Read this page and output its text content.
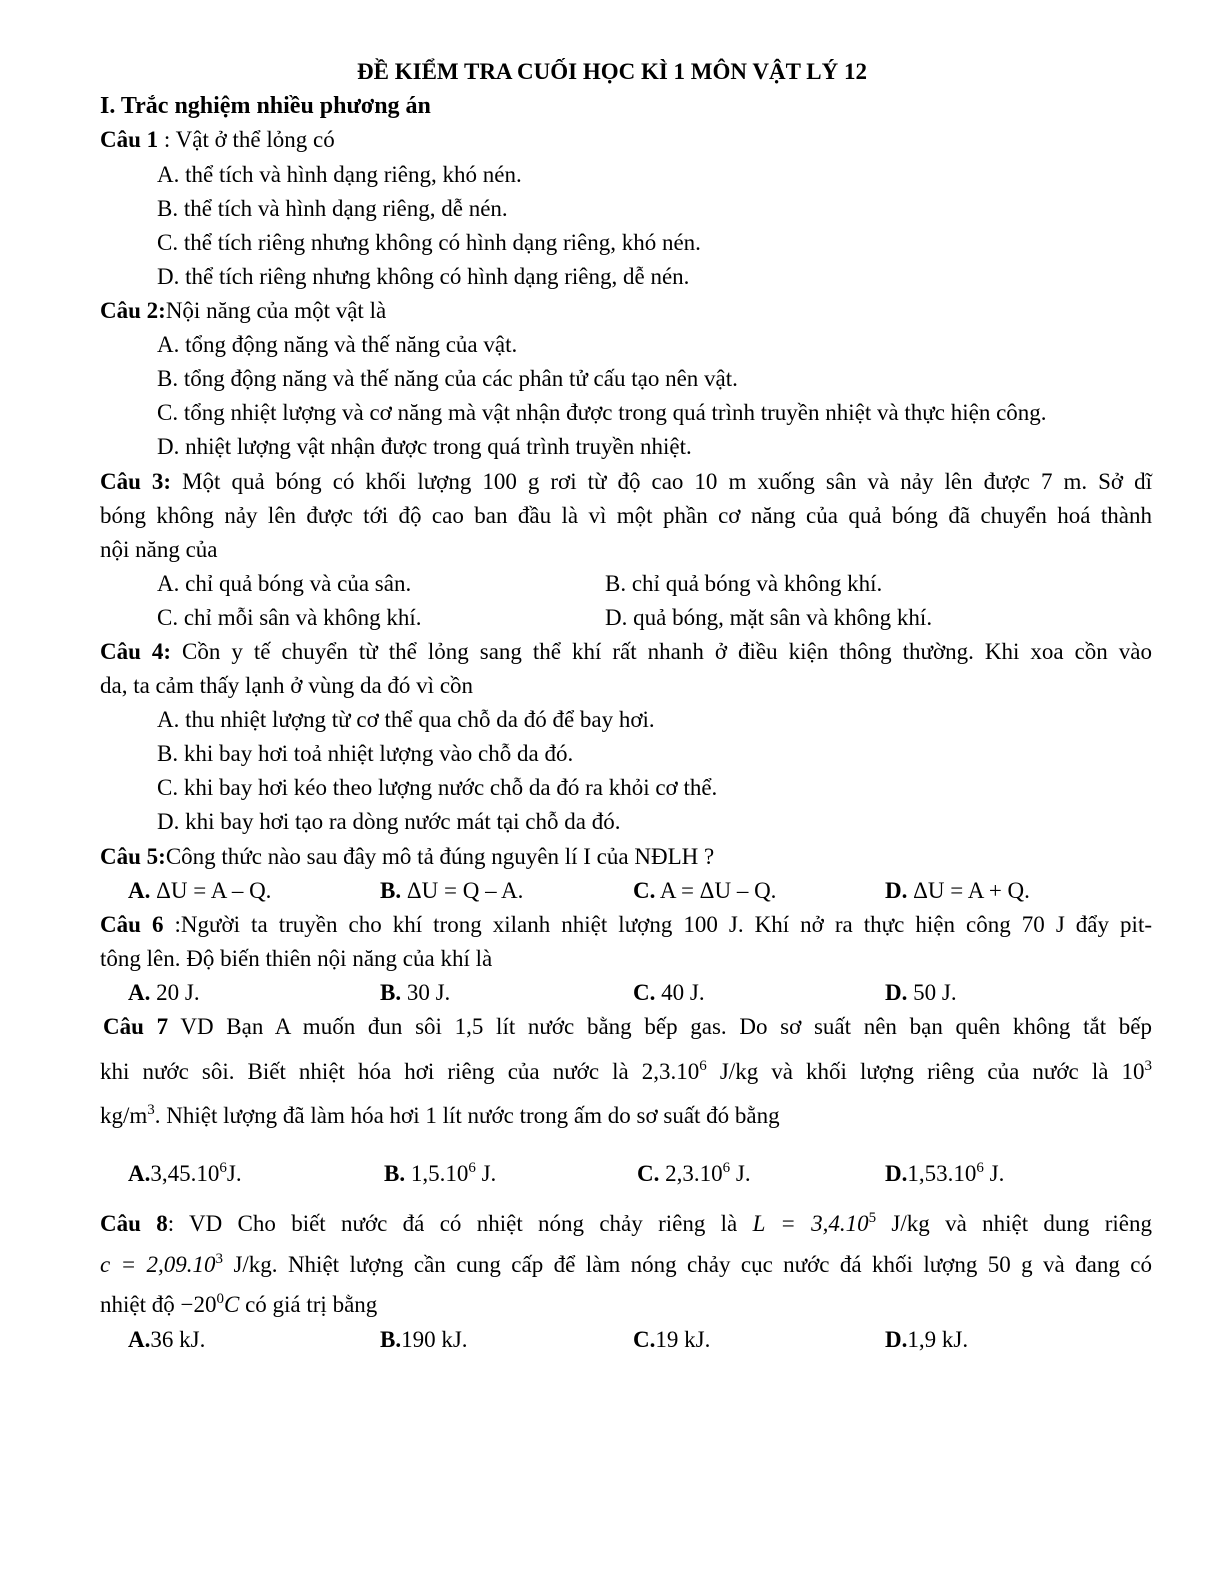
ĐỀ KIỂM TRA CUỐI HỌC KÌ 1 MÔN VẬT LÝ 12
I. Trắc nghiệm nhiều phương án
Câu 1 : Vật ở thể lỏng có
A. thể tích và hình dạng riêng, khó nén.
B. thể tích và hình dạng riêng, dễ nén.
C. thể tích riêng nhưng không có hình dạng riêng, khó nén.
D. thể tích riêng nhưng không có hình dạng riêng, dễ nén.
Câu 2:Nội năng của một vật là
A. tổng động năng và thế năng của vật.
B. tổng động năng và thế năng của các phân tử cấu tạo nên vật.
C. tổng nhiệt lượng và cơ năng mà vật nhận được trong quá trình truyền nhiệt và thực hiện công.
D. nhiệt lượng vật nhận được trong quá trình truyền nhiệt.
Câu 3: Một quả bóng có khối lượng 100 g rơi từ độ cao 10 m xuống sân và nảy lên được 7 m. Sở dĩ
bóng không nảy lên được tới độ cao ban đầu là vì một phần cơ năng của quả bóng đã chuyển hoá thành
nội năng của
A. chỉ quả bóng và của sân.	B. chỉ quả bóng và không khí.
C. chỉ mỗi sân và không khí.	D. quả bóng, mặt sân và không khí.
Câu 4: Cồn y tế chuyển từ thể lỏng sang thể khí rất nhanh ở điều kiện thông thường. Khi xoa cồn vào
da, ta cảm thấy lạnh ở vùng da đó vì cồn
A. thu nhiệt lượng từ cơ thể qua chỗ da đó để bay hơi.
B. khi bay hơi toả nhiệt lượng vào chỗ da đó.
C. khi bay hơi kéo theo lượng nước chỗ da đó ra khỏi cơ thể.
D. khi bay hơi tạo ra dòng nước mát tại chỗ da đó.
Câu 5:Công thức nào sau đây mô tả đúng nguyên lí I của NĐLH ?
A. ΔU = A – Q.	B. ΔU = Q – A.	C. A = ΔU – Q.	D. ΔU = A + Q.
Câu 6 :Người ta truyền cho khí trong xilanh nhiệt lượng 100 J. Khí nở ra thực hiện công 70 J đẩy pit-
tông lên. Độ biến thiên nội năng của khí là
A. 20 J.	B. 30 J.	C. 40 J.	D. 50 J.
Câu 7 VD Bạn A muốn đun sôi 1,5 lít nước bằng bếp gas. Do sơ suất nên bạn quên không tắt bếp
khi nước sôi. Biết nhiệt hóa hơi riêng của nước là 2,3.10$^6$ J/kg và khối lượng riêng của nước là $10^3$
$kg/m^3$. Nhiệt lượng đã làm hóa hơi 1 lít nước trong ấm do sơ suất đó bằng
A.3,45.10$^6$J.	B. 1,5.10$^6$ J.	C. 2,3.10$^6$ J.	D.1,53.10$^6$ J.
Câu 8: VD Cho biết nước đá có nhiệt nóng chảy riêng là $L = 3,4.10^5$ J/kg và nhiệt dung riêng
$c = 2,09.10^3$ J/kg. Nhiệt lượng cần cung cấp để làm nóng chảy cục nước đá khối lượng 50 g và đang có
nhiệt độ $-20^0C$ có giá trị bằng
A.36 kJ.	B.190 kJ.	C.19 kJ.	D.1,9 kJ.
